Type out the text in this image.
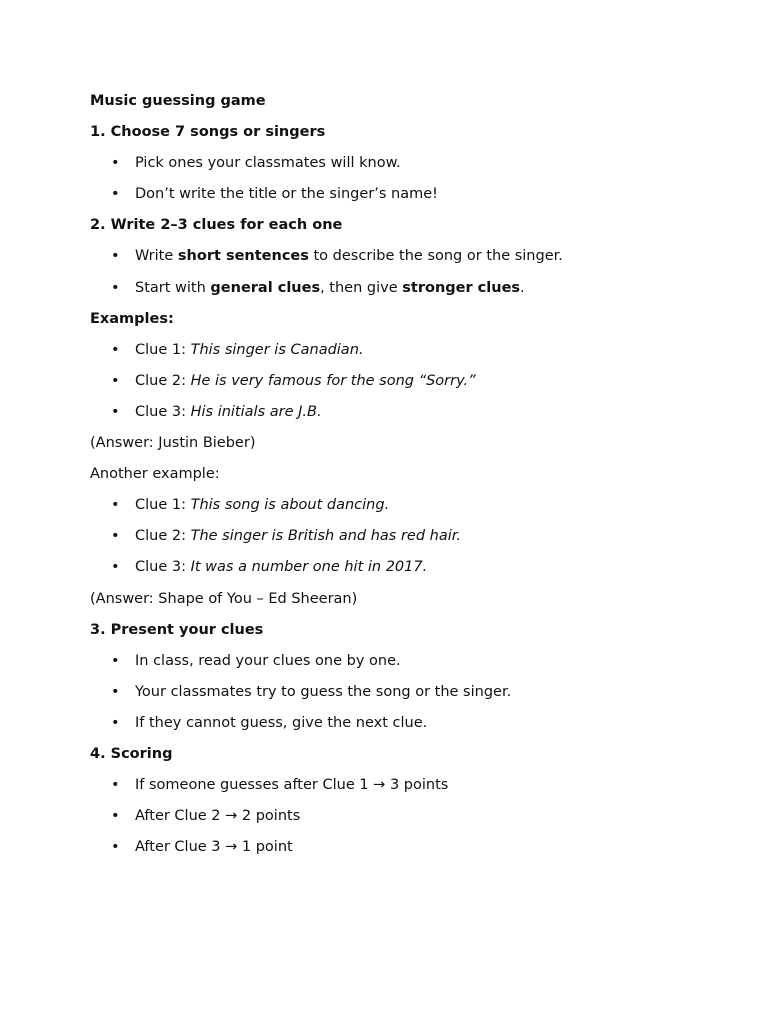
Music guessing game
1. Choose 7 songs or singers
• Pick ones your classmates will know.
• Don’t write the title or the singer’s name!
2. Write 2–3 clues for each one
• Write short sentences to describe the song or the singer.
• Start with general clues, then give stronger clues.
Examples:
• Clue 1: This singer is Canadian.
• Clue 2: He is very famous for the song “Sorry.”
• Clue 3: His initials are J.B.
(Answer: Justin Bieber)
Another example:
• Clue 1: This song is about dancing.
• Clue 2: The singer is British and has red hair.
• Clue 3: It was a number one hit in 2017.
(Answer: Shape of You – Ed Sheeran)
3. Present your clues
• In class, read your clues one by one.
• Your classmates try to guess the song or the singer.
• If they cannot guess, give the next clue.
4. Scoring
• If someone guesses after Clue 1 → 3 points
• After Clue 2 → 2 points
• After Clue 3 → 1 point
